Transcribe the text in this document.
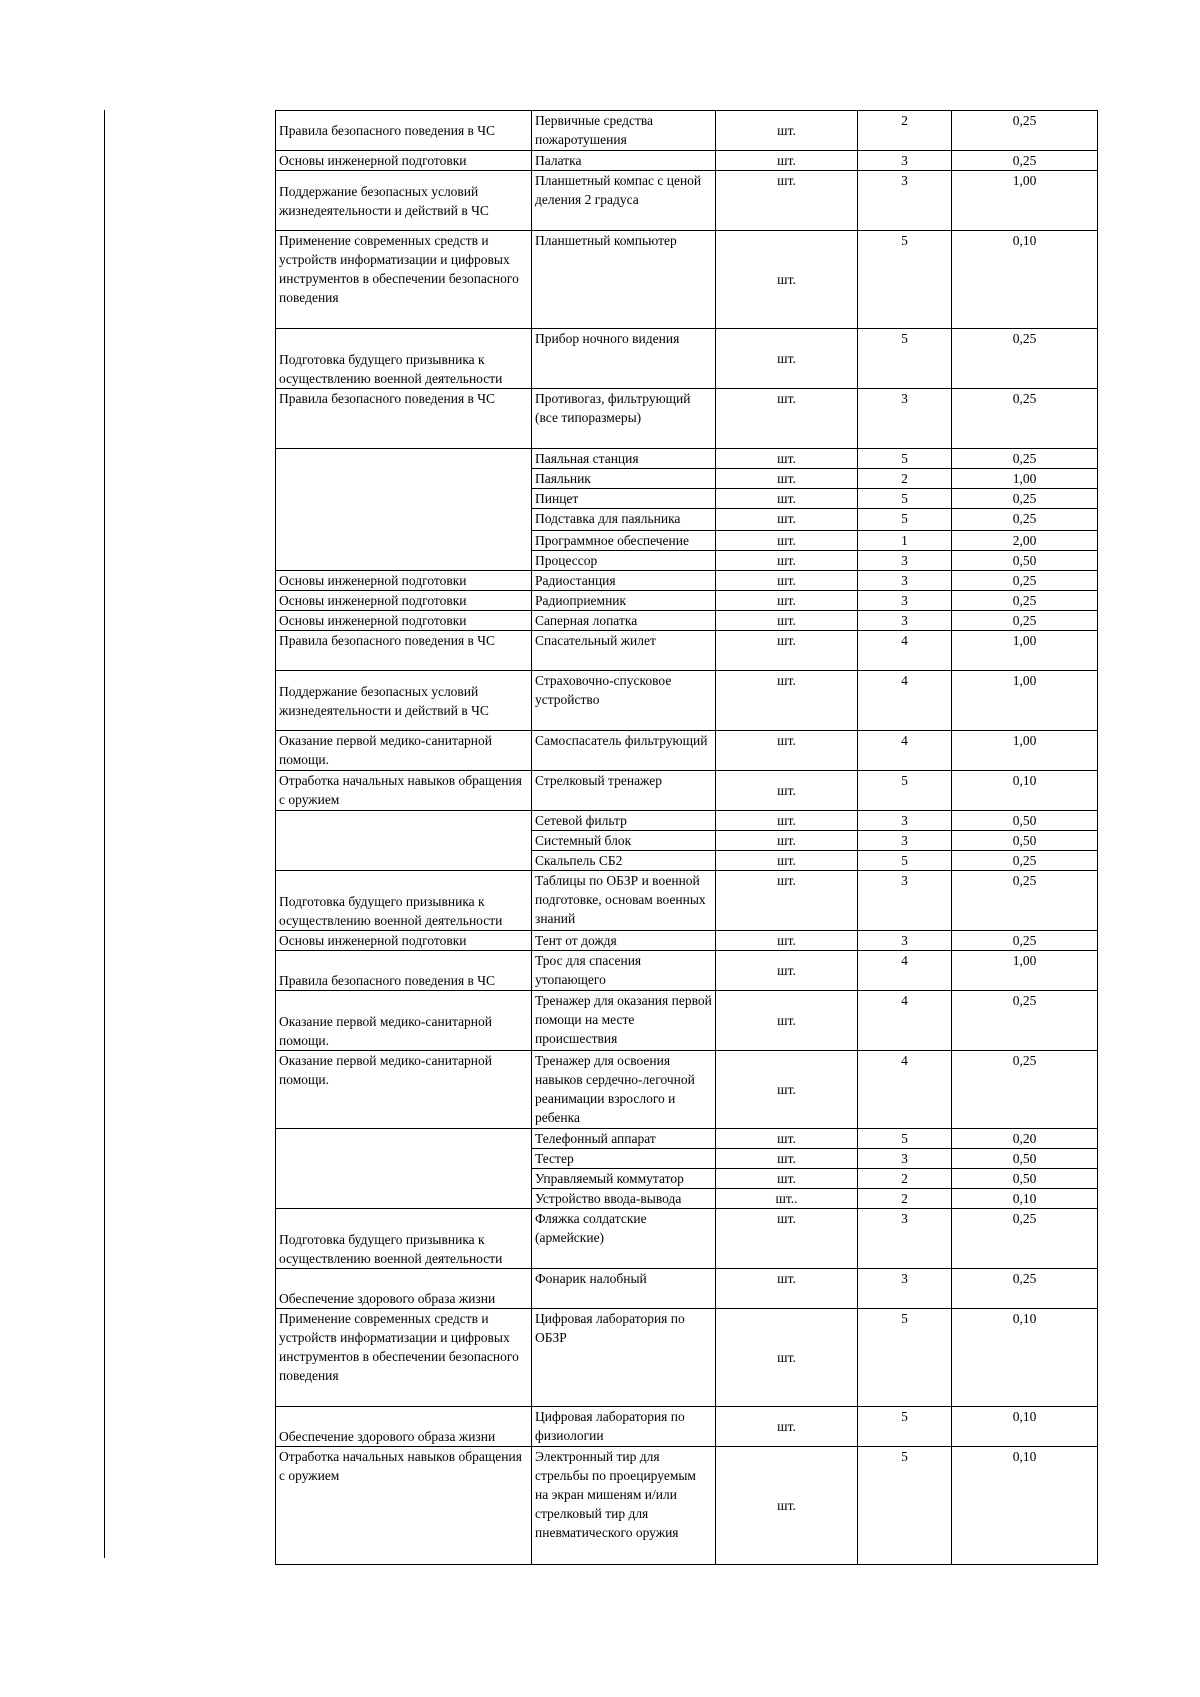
Правила безопасного поведения в ЧС	Первичные средства пожаротушения	шт.	2	0,25
Основы инженерной подготовки	Палатка	шт.	3	0,25
Поддержание безопасных условий жизнедеятельности и действий в ЧС	Планшетный компас с ценой деления 2 градуса	шт.	3	1,00
Применение современных средств и устройств информатизации и цифровых инструментов в обеспечении безопасного поведения	Планшетный компьютер	шт.	5	0,10
Подготовка будущего призывника к осуществлению военной деятельности	Прибор ночного видения	шт.	5	0,25
Правила безопасного поведения в ЧС	Противогаз, фильтрующий (все типоразмеры)	шт.	3	0,25
	Паяльная станция	шт.	5	0,25
	Паяльник	шт.	2	1,00
	Пинцет	шт.	5	0,25
	Подставка для паяльника	шт.	5	0,25
	Программное обеспечение	шт.	1	2,00
	Процессор	шт.	3	0,50
Основы инженерной подготовки	Радиостанция	шт.	3	0,25
Основы инженерной подготовки	Радиоприемник	шт.	3	0,25
Основы инженерной подготовки	Саперная лопатка	шт.	3	0,25
Правила безопасного поведения в ЧС	Спасательный жилет	шт.	4	1,00
Поддержание безопасных условий жизнедеятельности и действий в ЧС	Страховочно-спусковое устройство	шт.	4	1,00
Оказание первой медико-санитарной помощи.	Самоспасатель фильтрующий	шт.	4	1,00
Отработка начальных навыков обращения с оружием	Стрелковый тренажер	шт.	5	0,10
	Сетевой фильтр	шт.	3	0,50
	Системный блок	шт.	3	0,50
	Скальпель СБ2	шт.	5	0,25
Подготовка будущего призывника к осуществлению военной деятельности	Таблицы по ОБЗР и военной подготовке, основам военных знаний	шт.	3	0,25
Основы инженерной подготовки	Тент от дождя	шт.	3	0,25
Правила безопасного поведения в ЧС	Трос для спасения утопающего	шт.	4	1,00
Оказание первой медико-санитарной помощи.	Тренажер для оказания первой помощи на месте происшествия	шт.	4	0,25
Оказание первой медико-санитарной помощи.	Тренажер для освоения навыков сердечно-легочной реанимации взрослого и ребенка	шт.	4	0,25
	Телефонный аппарат	шт.	5	0,20
	Тестер	шт.	3	0,50
	Управляемый коммутатор	шт.	2	0,50
	Устройство ввода-вывода	шт..	2	0,10
Подготовка будущего призывника к осуществлению военной деятельности	Фляжка солдатские (армейские)	шт.	3	0,25
Обеспечение здорового образа жизни	Фонарик налобный	шт.	3	0,25
Применение современных средств и устройств информатизации и цифровых инструментов в обеспечении безопасного поведения	Цифровая лаборатория по ОБЗР	шт.	5	0,10
Обеспечение здорового образа жизни	Цифровая лаборатория по физиологии	шт.	5	0,10
Отработка начальных навыков обращения с оружием	Электронный тир для стрельбы по проецируемым на экран мишеням и/или стрелковый тир для пневматического оружия	шт.	5	0,10
